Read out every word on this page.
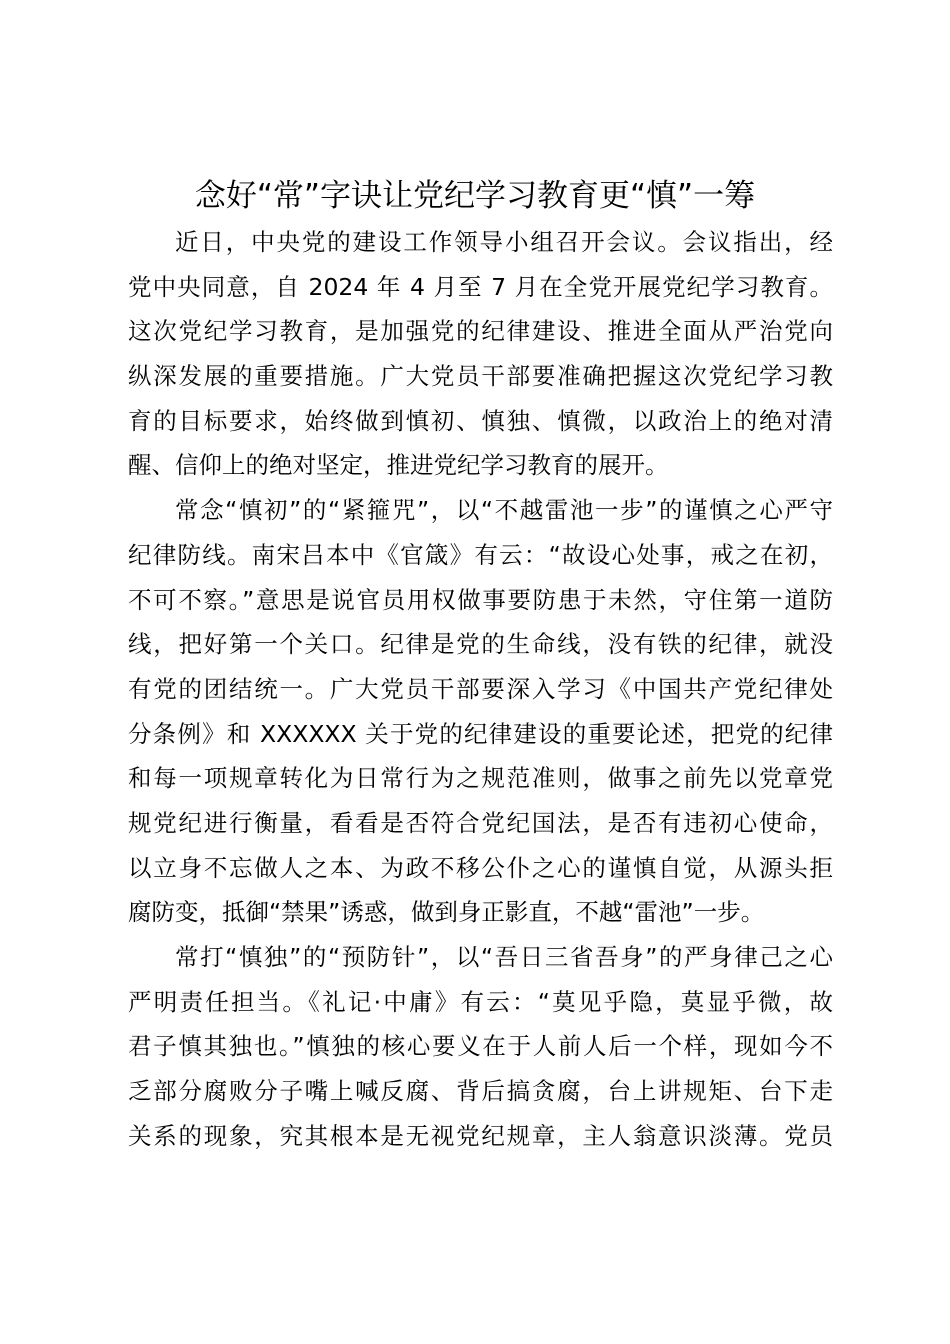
念好“常”字诀让党纪学习教育更“慎”一筹
近日，中央党的建设工作领导小组召开会议。会议指出，经
党中央同意，自 2024 年 4 月至 7 月在全党开展党纪学习教育。
这次党纪学习教育，是加强党的纪律建设、推进全面从严治党向
纵深发展的重要措施。广大党员干部要准确把握这次党纪学习教
育的目标要求，始终做到慎初、慎独、慎微，以政治上的绝对清
醒、信仰上的绝对坚定，推进党纪学习教育的展开。
常念“慎初”的“紧箍咒”，以“不越雷池一步”的谨慎之心严守
纪律防线。南宋吕本中《官箴》有云：“故设心处事，戒之在初，
不可不察。”意思是说官员用权做事要防患于未然，守住第一道防
线，把好第一个关口。纪律是党的生命线，没有铁的纪律，就没
有党的团结统一。广大党员干部要深入学习《中国共产党纪律处
分条例》和 XXXXXX 关于党的纪律建设的重要论述，把党的纪律
和每一项规章转化为日常行为之规范准则，做事之前先以党章党
规党纪进行衡量，看看是否符合党纪国法，是否有违初心使命，
以立身不忘做人之本、为政不移公仆之心的谨慎自觉，从源头拒
腐防变，抵御“禁果”诱惑，做到身正影直，不越“雷池”一步。
常打“慎独”的“预防针”，以“吾日三省吾身”的严身律己之心
严明责任担当。《礼记·中庸》有云：“莫见乎隐，莫显乎微，故
君子慎其独也。”慎独的核心要义在于人前人后一个样，现如今不
乏部分腐败分子嘴上喊反腐、背后搞贪腐，台上讲规矩、台下走
关系的现象，究其根本是无视党纪规章，主人翁意识淡薄。党员
